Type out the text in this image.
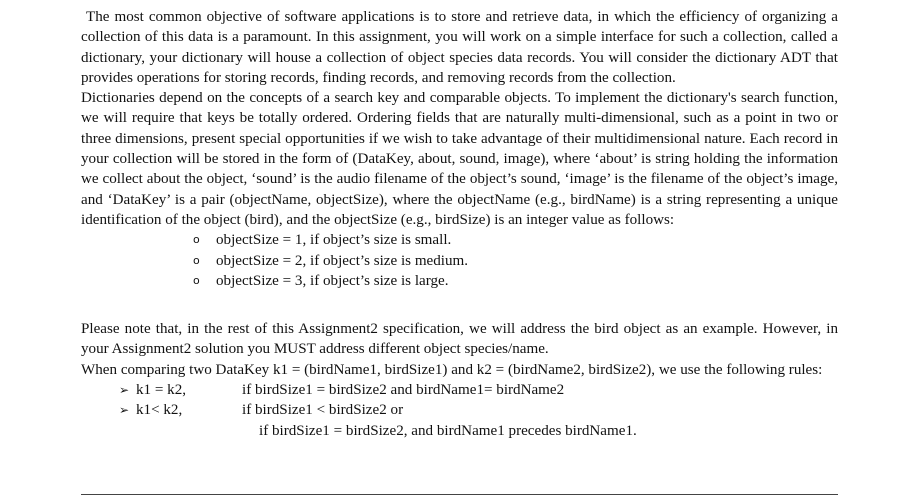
The most common objective of software applications is to store and retrieve data, in which the efficiency of organizing a collection of this data is a paramount. In this assignment, you will work on a simple interface for such a collection, called a dictionary, your dictionary will house a collection of object species data records. You will consider the dictionary ADT that provides operations for storing records, finding records, and removing records from the collection.

Dictionaries depend on the concepts of a search key and comparable objects. To implement the dictionary's search function, we will require that keys be totally ordered. Ordering fields that are naturally multi-dimensional, such as a point in two or three dimensions, present special opportunities if we wish to take advantage of their multidimensional nature. Each record in your collection will be stored in the form of (DataKey, about, sound, image), where ‘about’ is string holding the information we collect about the object, ‘sound’ is the audio filename of the object’s sound, ‘image’ is the filename of the object’s image, and ‘DataKey’ is a pair (objectName, objectSize), where the objectName (e.g., birdName) is a string representing a unique identification of the object (bird), and the objectSize (e.g., birdSize) is an integer value as follows:

o objectSize = 1, if object’s size is small.
o objectSize = 2, if object’s size is medium.
o objectSize = 3, if object’s size is large.

Please note that, in the rest of this Assignment2 specification, we will address the bird object as an example. However, in your Assignment2 solution you MUST address different object species/name.

When comparing two DataKey k1 = (birdName1, birdSize1) and k2 = (birdName2, birdSize2), we use the following rules:

➢ k1 = k2,	if birdSize1 = birdSize2 and birdName1= birdName2
➢ k1< k2,	if birdSize1 < birdSize2 or
if birdSize1 = birdSize2, and birdName1 precedes birdName1.
